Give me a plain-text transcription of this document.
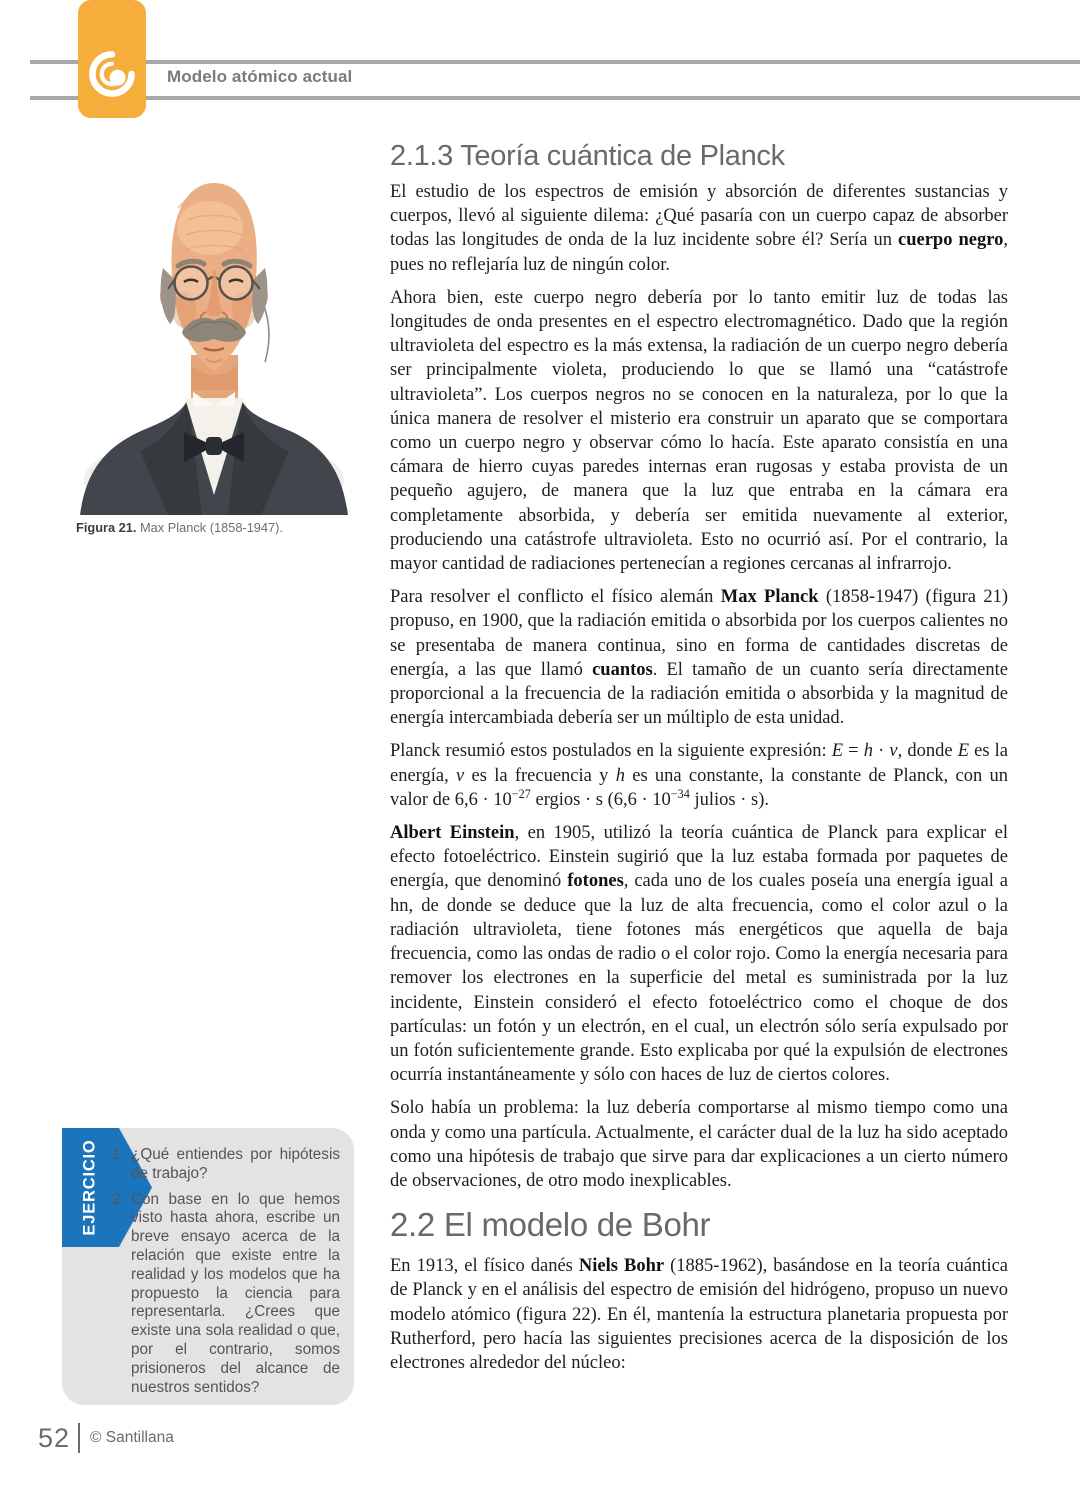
Modelo atómico actual
Figura 21. Max Planck (1858-1947).
2.1.3 Teoría cuántica de Planck

El estudio de los espectros de emisión y absorción de diferentes sustancias y cuerpos, llevó al siguiente dilema: ¿Qué pasaría con un cuerpo capaz de absorber todas las longitudes de onda de la luz incidente sobre él? Sería un cuerpo negro, pues no reflejaría luz de ningún color.

Ahora bien, este cuerpo negro debería por lo tanto emitir luz de todas las longitudes de onda presentes en el espectro electromagnético. Dado que la región ultravioleta del espectro es la más extensa, la radiación de un cuerpo negro debería ser principalmente violeta, produciendo lo que se llamó una “catástrofe ultravioleta”. Los cuerpos negros no se conocen en la naturaleza, por lo que la única manera de resolver el misterio era construir un aparato que se comportara como un cuerpo negro y observar cómo lo hacía. Este aparato consistía en una cámara de hierro cuyas paredes internas eran rugosas y estaba provista de un pequeño agujero, de manera que la luz que entraba en la cámara era completamente absorbida, y debería ser emitida nuevamente al exterior, produciendo una catástrofe ultravioleta. Esto no ocurrió así. Por el contrario, la mayor cantidad de radiaciones pertenecían a regiones cercanas al infrarrojo.

Para resolver el conflicto el físico alemán Max Planck (1858-1947) (figura 21) propuso, en 1900, que la radiación emitida o absorbida por los cuerpos calientes no se presentaba de manera continua, sino en forma de cantidades discretas de energía, a las que llamó cuantos. El tamaño de un cuanto sería directamente proporcional a la frecuencia de la radiación emitida o absorbida y la magnitud de energía intercambiada debería ser un múltiplo de esta unidad.

Planck resumió estos postulados en la siguiente expresión: E = h · ν, donde E es la energía, ν es la frecuencia y h es una constante, la constante de Planck, con un valor de $6,6 \cdot 10^{-27}$ ergios · s ($6,6 \cdot 10^{-34}$ julios · s).

Albert Einstein, en 1905, utilizó la teoría cuántica de Planck para explicar el efecto fotoeléctrico. Einstein sugirió que la luz estaba formada por paquetes de energía, que denominó fotones, cada uno de los cuales poseía una energía igual a hn, de donde se deduce que la luz de alta frecuencia, como el color azul o la radiación ultravioleta, tiene fotones más energéticos que aquella de baja frecuencia, como las ondas de radio o el color rojo. Como la energía necesaria para remover los electrones en la superficie del metal es suministrada por la luz incidente, Einstein consideró el efecto fotoeléctrico como el choque de dos partículas: un fotón y un electrón, en el cual, un electrón sólo sería expulsado por un fotón suficientemente grande. Esto explicaba por qué la expulsión de electrones ocurría instantáneamente y sólo con haces de luz de ciertos colores.

Solo había un problema: la luz debería comportarse al mismo tiempo como una onda y como una partícula. Actualmente, el carácter dual de la luz ha sido aceptado como una hipótesis de trabajo que sirve para dar explicaciones a un cierto número de observaciones, de otro modo inexplicables.

2.2 El modelo de Bohr

En 1913, el físico danés Niels Bohr (1885-1962), basándose en la teoría cuántica de Planck y en el análisis del espectro de emisión del hidrógeno, propuso un nuevo modelo atómico (figura 22). En él, mantenía la estructura planetaria propuesta por Rutherford, pero hacía las siguientes precisiones acerca de la disposición de los electrones alrededor del núcleo:

EJERCICIO 1. ¿Qué entiendes por hipótesis de trabajo?
2. Con base en lo que hemos visto hasta ahora, escribe un breve ensayo acerca de la relación que existe entre la realidad y los modelos que ha propuesto la ciencia para representarla. ¿Crees que existe una sola realidad o que, por el contrario, somos prisioneros del alcance de nuestros sentidos?
52 © Santillana
